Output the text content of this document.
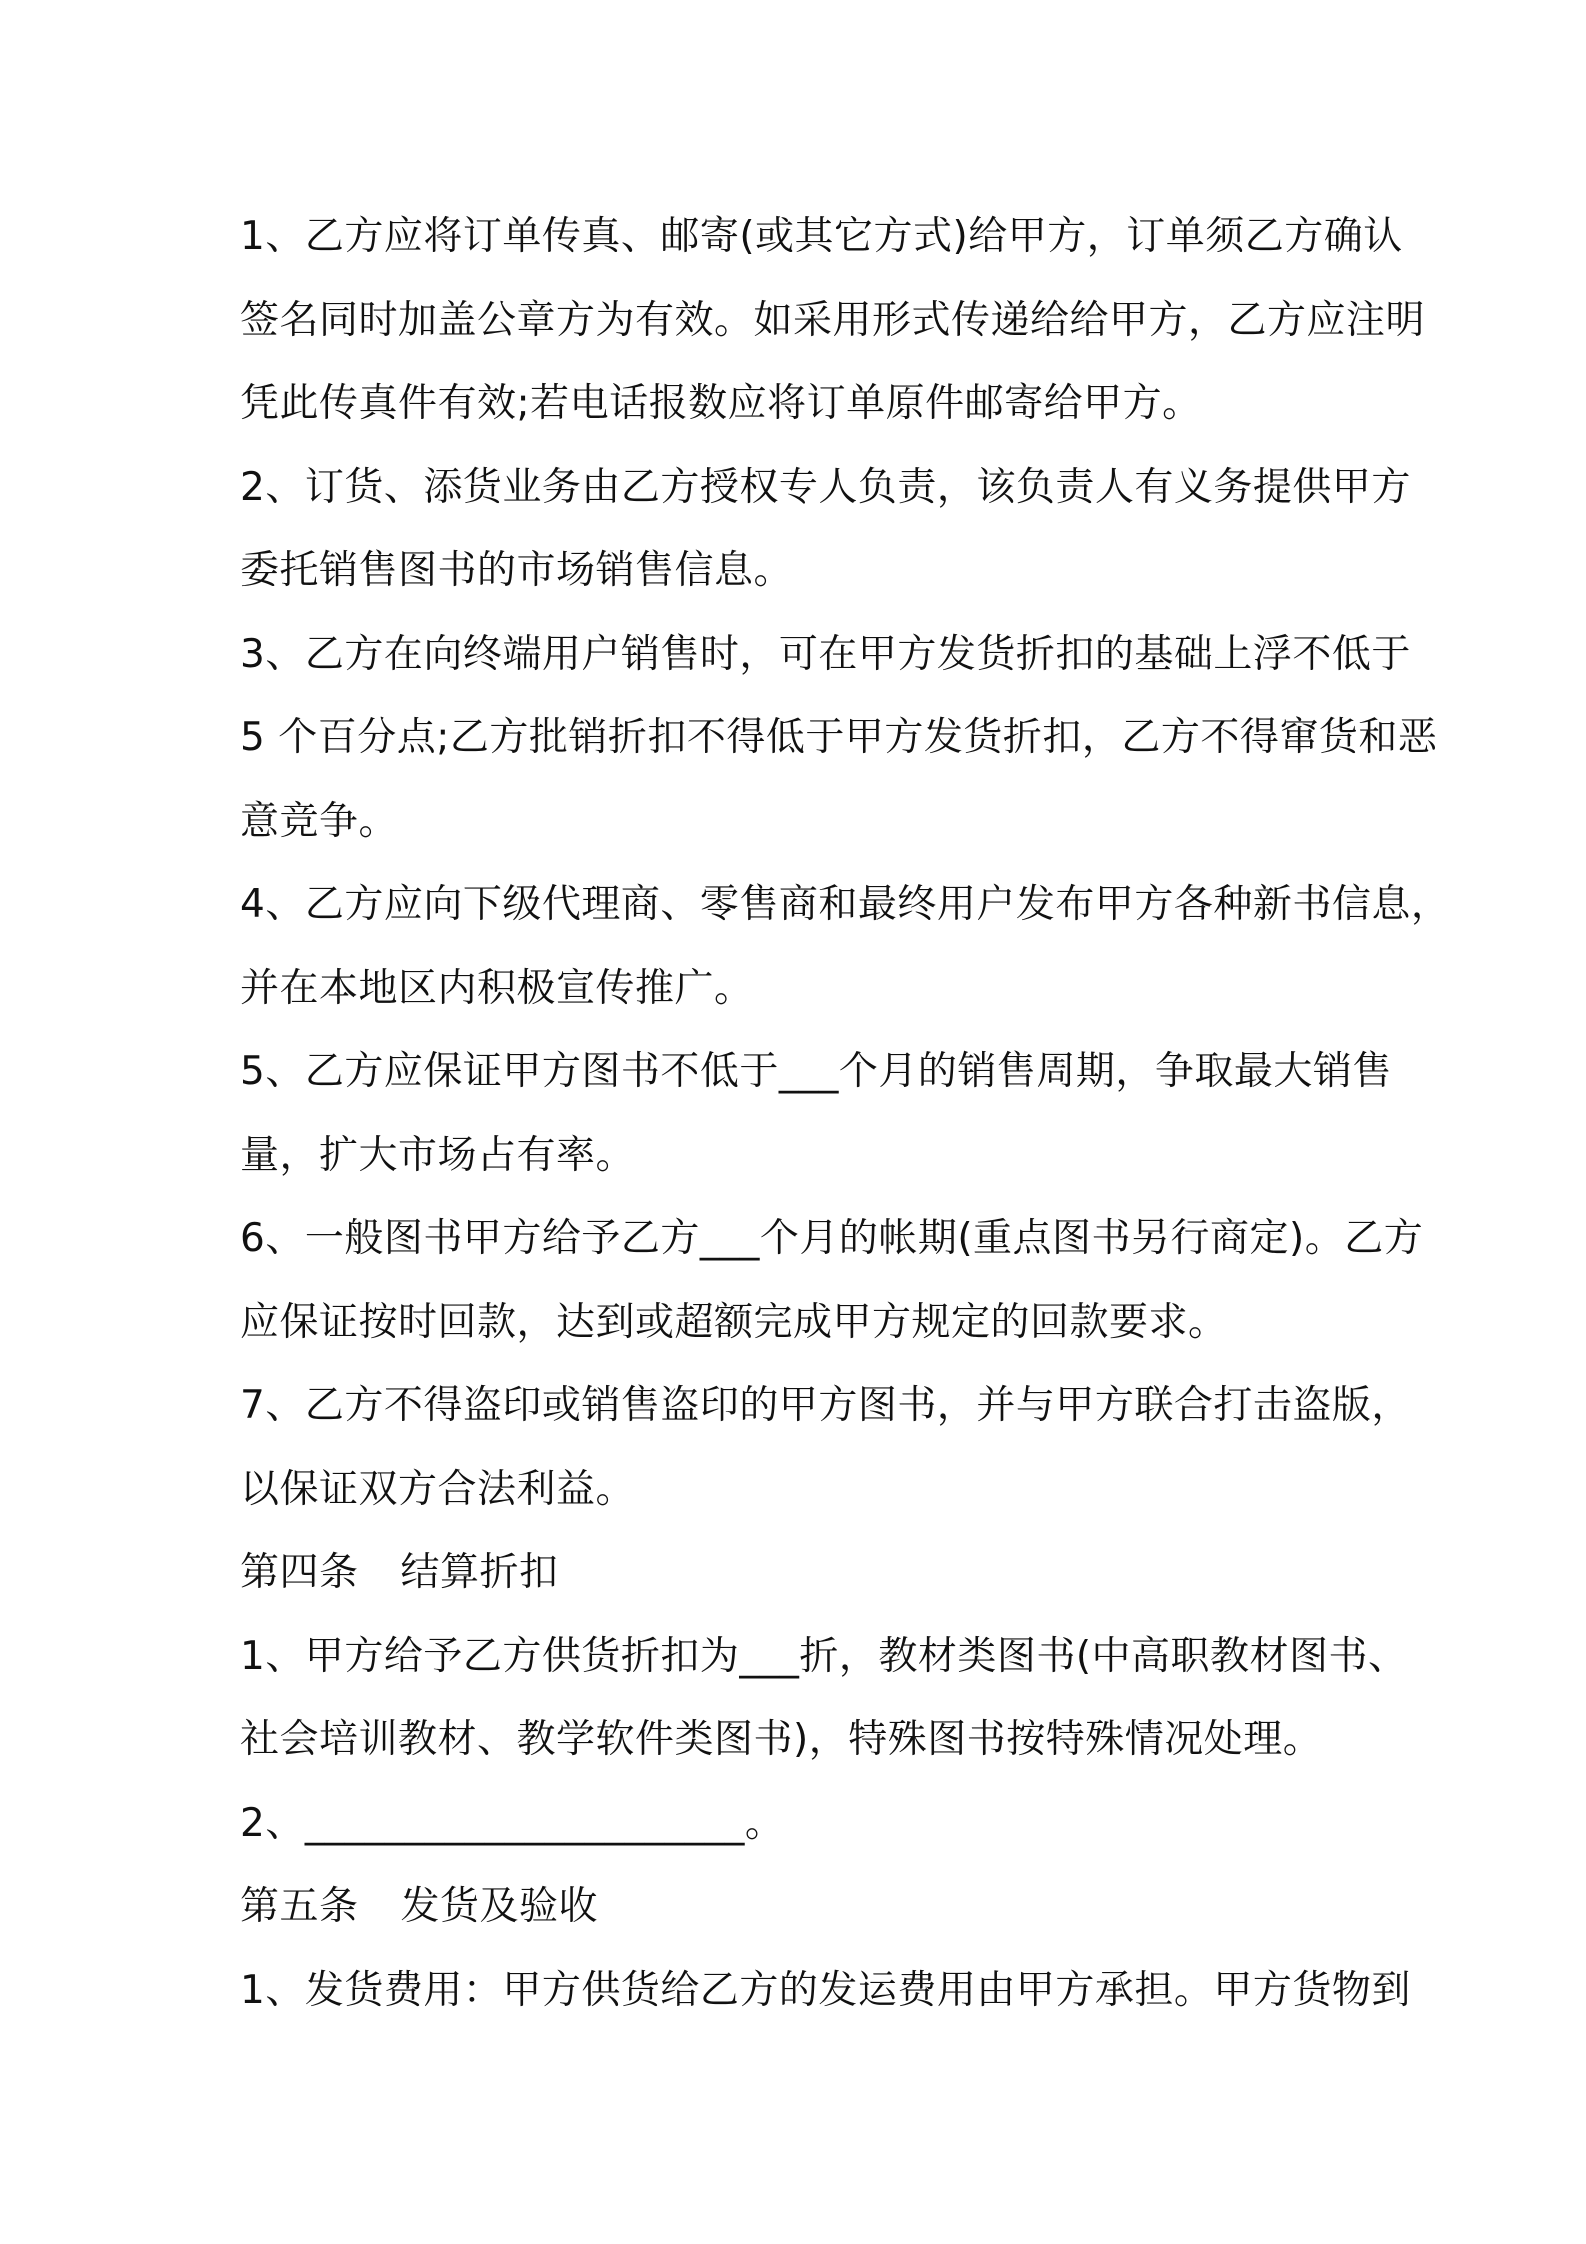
1、乙方应将订单传真、邮寄(或其它方式)给甲方，订单须乙方确认
签名同时加盖公章方为有效。如采用形式传递给给甲方，乙方应注明
凭此传真件有效;若电话报数应将订单原件邮寄给甲方。
2、订货、添货业务由乙方授权专人负责，该负责人有义务提供甲方
委托销售图书的市场销售信息。
3、乙方在向终端用户销售时，可在甲方发货折扣的基础上浮不低于
5 个百分点;乙方批销折扣不得低于甲方发货折扣，乙方不得窜货和恶
意竞争。
4、乙方应向下级代理商、零售商和最终用户发布甲方各种新书信息，
并在本地区内积极宣传推广。
5、乙方应保证甲方图书不低于___个月的销售周期，争取最大销售
量，扩大市场占有率。
6、一般图书甲方给予乙方___个月的帐期(重点图书另行商定)。乙方
应保证按时回款，达到或超额完成甲方规定的回款要求。
7、乙方不得盗印或销售盗印的甲方图书，并与甲方联合打击盗版，
以保证双方合法利益。
第四条 结算折扣
1、甲方给予乙方供货折扣为___折，教材类图书(中高职教材图书、
社会培训教材、教学软件类图书)，特殊图书按特殊情况处理。
2、______________________。
第五条 发货及验收
1、发货费用：甲方供货给乙方的发运费用由甲方承担。甲方货物到
